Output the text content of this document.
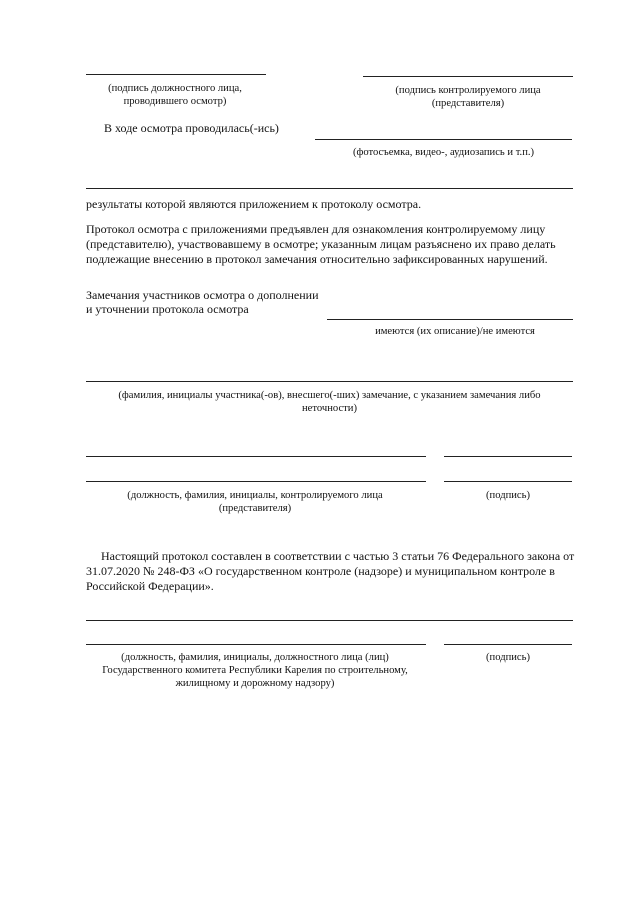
(подпись должностного лица,
проводившего осмотр)
(подпись контролируемого лица
(представителя)
В ходе осмотра проводилась(-ись)
(фотосъемка, видео-, аудиозапись и т.п.)
результаты которой являются приложением к протоколу осмотра.
Протокол осмотра с приложениями предъявлен для ознакомления контролируемому лицу
(представителю), участвовавшему в осмотре; указанным лицам разъяснено их право делать
подлежащие внесению в протокол замечания относительно зафиксированных нарушений.
Замечания участников осмотра о дополнении
и уточнении протокола осмотра
имеются (их описание)/не имеются
(фамилия, инициалы участника(-ов), внесшего(-ших) замечание, с указанием замечания либо
неточности)
(должность, фамилия, инициалы, контролируемого лица
(представителя)
(подпись)
Настоящий протокол составлен в соответствии с частью 3 статьи 76 Федерального закона от
31.07.2020 № 248-ФЗ «О государственном контроле (надзоре) и муниципальном контроле в
Российской Федерации».
(должность, фамилия, инициалы, должностного лица (лиц)
Государственного комитета Республики Карелия по строительному,
жилищному и дорожному надзору)
(подпись)
